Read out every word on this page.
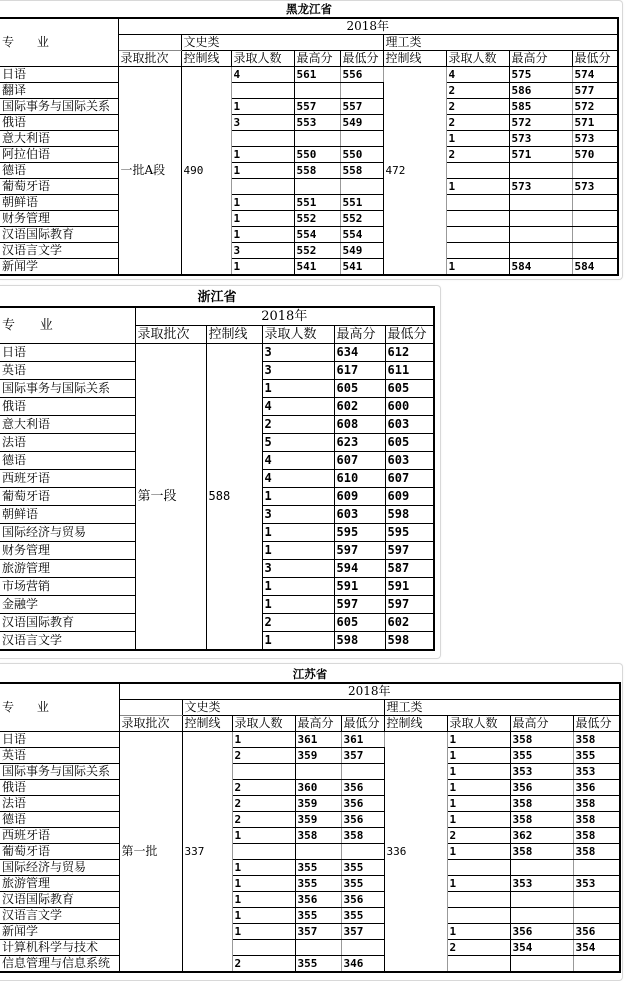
黑龙江省									
专      业	2018年								
		文史类				理工类			
	录取批次	控制线	录取人数	最高分	最低分	控制线	录取人数	最高分	最低分
日语	一批A段	490	4	561	556	472	4	575	574
翻译							2	586	577
国际事务与国际关系			1	557	557		2	585	572
俄语			3	553	549		2	572	571
意大利语							1	573	573
阿拉伯语			1	550	550		2	571	570
德语			1	558	558				
葡萄牙语							1	573	573
朝鲜语			1	551	551				
财务管理			1	552	552				
汉语国际教育			1	554	554				
汉语言文学			3	552	549				
新闻学			1	541	541		1	584	584
浙江省					
专      业	2018年				
	录取批次	控制线	录取人数	最高分	最低分
日语	第一段	588	3	634	612
英语			3	617	611
国际事务与国际关系			1	605	605
俄语			4	602	600
意大利语			2	608	603
法语			5	623	605
德语			4	607	603
西班牙语			4	610	607
葡萄牙语			1	609	609
朝鲜语			3	603	598
国际经济与贸易			1	595	595
财务管理			1	597	597
旅游管理			3	594	587
市场营销			1	591	591
金融学			1	597	597
汉语国际教育			2	605	602
汉语言文学			1	598	598
江苏省									
专      业	2018年								
		文史类				理工类			
	录取批次	控制线	录取人数	最高分	最低分	控制线	录取人数	最高分	最低分
日语	第一批	337	1	361	361	336	1	358	358
英语			2	359	357		1	355	355
国际事务与国际关系							1	353	353
俄语			2	360	356		1	356	356
法语			2	359	356		1	358	358
德语			2	359	356		1	358	358
西班牙语			1	358	358		2	362	358
葡萄牙语							1	358	358
国际经济与贸易			1	355	355				
旅游管理			1	355	355		1	353	353
汉语国际教育			1	356	356				
汉语言文学			1	355	355				
新闻学			1	357	357		1	356	356
计算机科学与技术							2	354	354
信息管理与信息系统			2	355	346				
